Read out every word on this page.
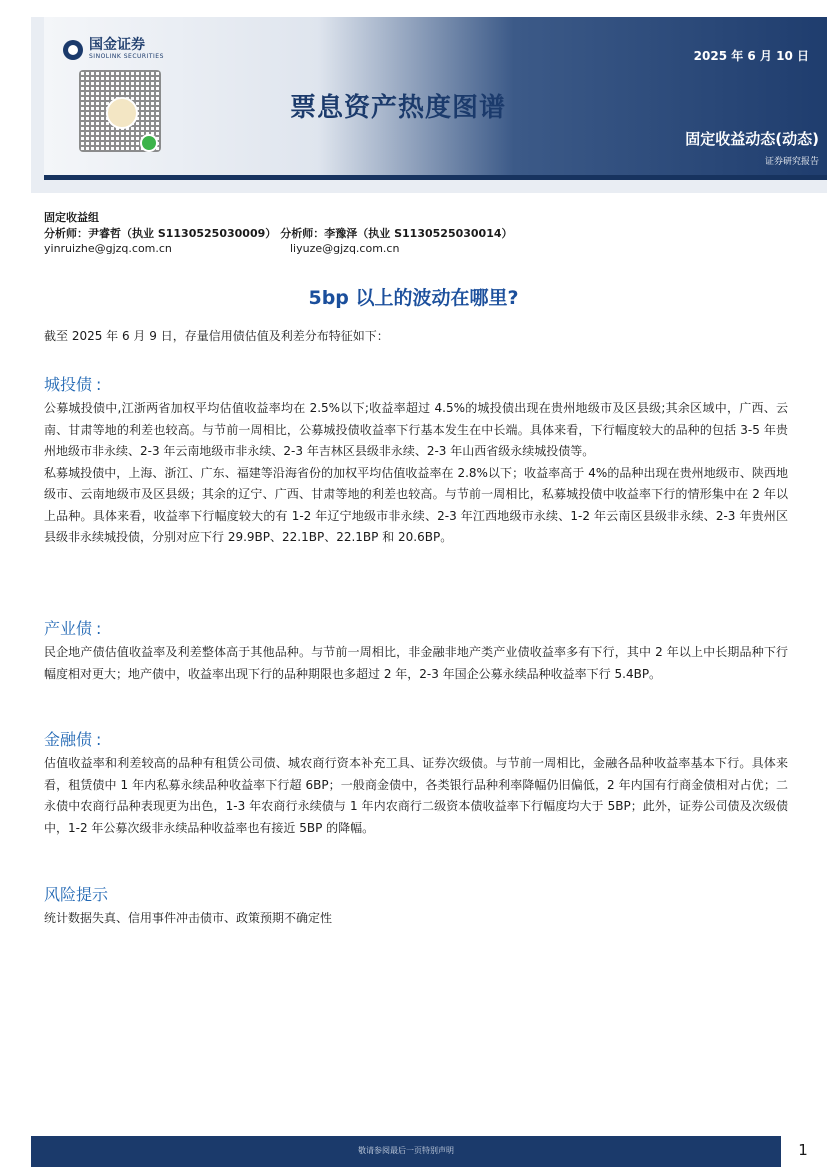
国金证券
SINOLINK SECURITIES
票息资产热度图谱
2025 年 6 月 10 日
固定收益动态(动态)
证券研究报告
固定收益组
分析师： 尹睿哲 （执业 S1130525030009） 分析师： 李豫泽 （执业 S1130525030014）
yinruizhe@gjzq.com.cn	liyuze@gjzq.com.cn
5bp 以上的波动在哪里?
截至 2025 年 6 月 9 日，存量信用债估值及利差分布特征如下：
城投债 :

公募城投债中,江浙两省加权平均估值收益率均在 2.5%以下;收益率超过 4.5%的城投债出现在贵州地级市及区县级;其余区域中，广西、云南、甘肃等地的利差也较高。与节前一周相比，公募城投债收益率下行基本发生在中长端。具体来看，下行幅度较大的品种的包括 3-5 年贵州地级市非永续、2-3 年云南地级市非永续、2-3 年吉林区县级非永续、2-3 年山西省级永续城投债等。

私募城投债中，上海、浙江、广东、福建等沿海省份的加权平均估值收益率在 2.8%以下；收益率高于 4%的品种出现在贵州地级市、陕西地级市、云南地级市及区县级；其余的辽宁、广西、甘肃等地的利差也较高。与节前一周相比，私募城投债中收益率下行的情形集中在 2 年以上品种。具体来看，收益率下行幅度较大的有 1-2 年辽宁地级市非永续、2-3 年江西地级市永续、1-2 年云南区县级非永续、2-3 年贵州区县级非永续城投债，分别对应下行 29.9BP、22.1BP、22.1BP 和 20.6BP。

产业债 :

民企地产债估值收益率及利差整体高于其他品种。与节前一周相比，非金融非地产类产业债收益率多有下行，其中 2 年以上中长期品种下行幅度相对更大；地产债中，收益率出现下行的品种期限也多超过 2 年，2-3 年国企公募永续品种收益率下行 5.4BP。

金融债 :

估值收益率和利差较高的品种有租赁公司债、城农商行资本补充工具、证券次级债。与节前一周相比，金融各品种收益率基本下行。具体来看，租赁债中 1 年内私募永续品种收益率下行超 6BP；一般商金债中，各类银行品种利率降幅仍旧偏低，2 年内国有行商金债相对占优；二永债中农商行品种表现更为出色，1-3 年农商行永续债与 1 年内农商行二级资本债收益率下行幅度均大于 5BP；此外，证券公司债及次级债中，1-2 年公募次级非永续品种收益率也有接近 5BP 的降幅。

风险提示

统计数据失真、信用事件冲击债市、政策预期不确定性

敬请参阅最后一页特别声明	1
